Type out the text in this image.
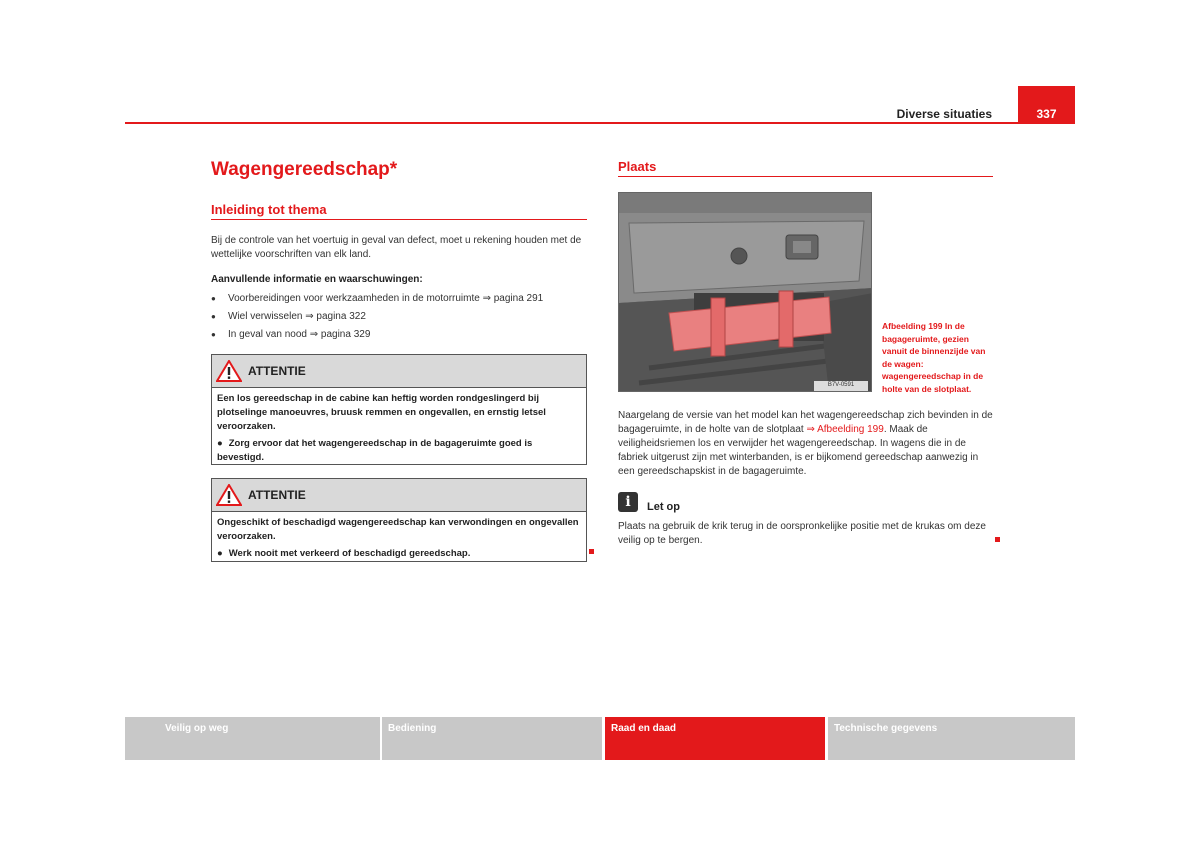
Diverse situaties	337
Wagengereedschap*
Inleiding tot thema

Bij de controle van het voertuig in geval van defect, moet u rekening houden met de wettelijke voorschriften van elk land.

Aanvullende informatie en waarschuwingen:

● Voorbereidingen voor werkzaamheden in de motorruimte ⇒ pagina 291
● Wiel verwisselen ⇒ pagina 322
● In geval van nood ⇒ pagina 329
ATTENTIE

Een los gereedschap in de cabine kan heftig worden rondgeslingerd bij plotselinge manoeuvres, bruusk remmen en ongevallen, en ernstig letsel veroorzaken.

● Zorg ervoor dat het wagengereedschap in de bagageruimte goed is bevestigd.

ATTENTIE

Ongeschikt of beschadigd wagengereedschap kan verwondingen en ongevallen veroorzaken.

● Werk nooit met verkeerd of beschadigd gereedschap.

Plaats
B7V-0591
Afbeelding 199 In de bagageruimte, gezien vanuit de binnenzijde van de wagen: wagengereedschap in de holte van de slotplaat.

Naargelang de versie van het model kan het wagengereedschap zich bevinden in de bagageruimte, in de holte van de slotplaat ⇒ Afbeelding 199. Maak de veiligheidsriemen los en verwijder het wagengereedschap. In wagens die in de fabriek uitgerust zijn met winterbanden, is er bijkomend gereedschap aanwezig in een gereedschapskist in de bagageruimte.

i	Let op

Plaats na gebruik de krik terug in de oorspronkelijke positie met de krukas om deze veilig op te bergen.

Veilig op weg	Bediening	Raad en daad	Technische gegevens
